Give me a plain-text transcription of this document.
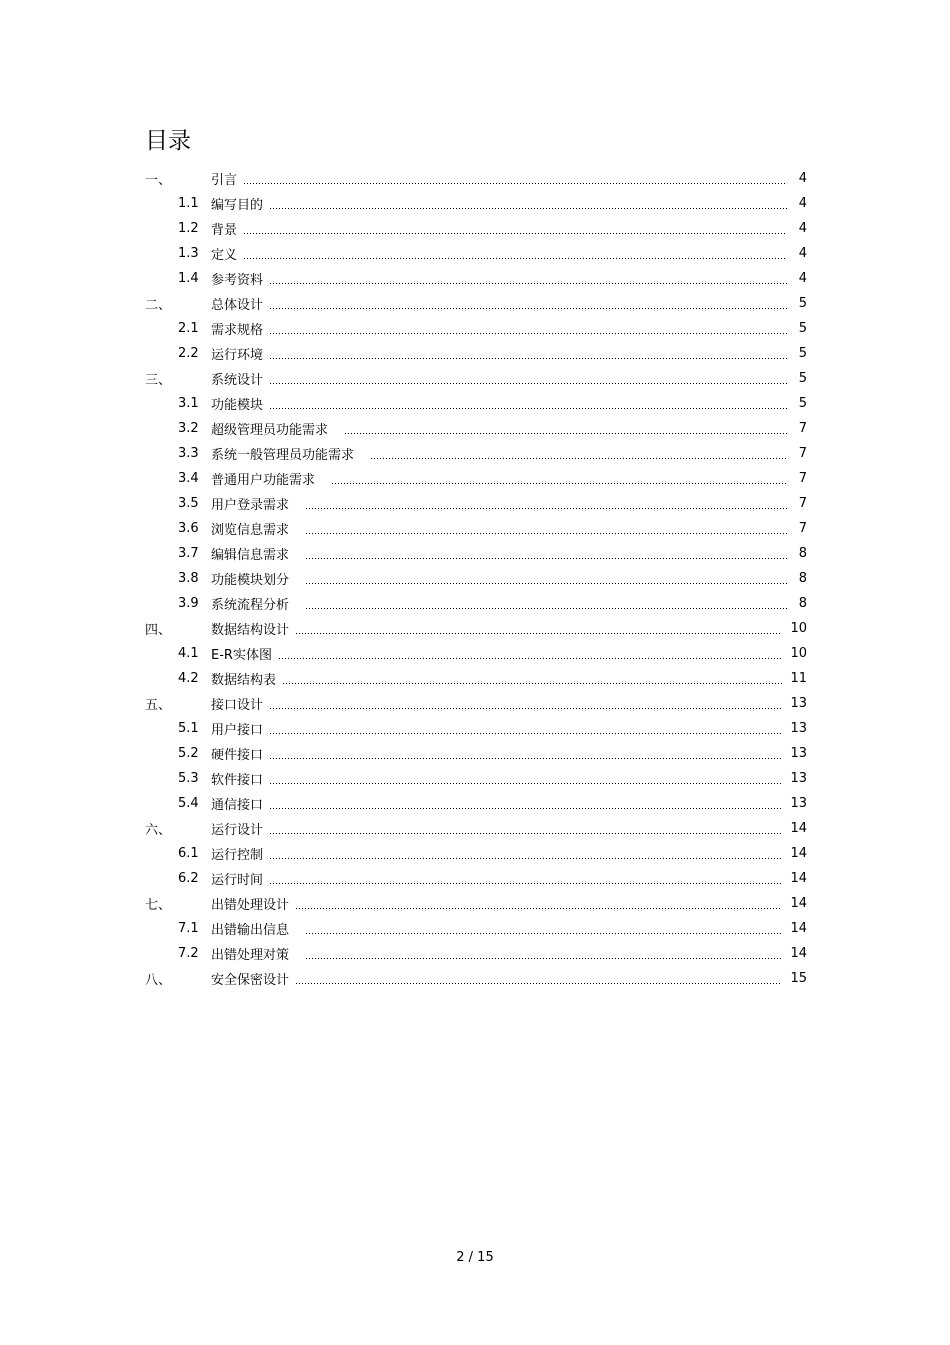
目录
一、	引言	4
1.1 编写目的	4
1.2 背景	4
1.3 定义	4
1.4 参考资料	4
二、	总体设计	5
2.1 需求规格	5
2.2 运行环境	5
三、	系统设计	5
3.1 功能模块	5
3.2 超级管理员功能需求	7
3.3 系统一般管理员功能需求	7
3.4 普通用户功能需求	7
3.5 用户登录需求	7
3.6 浏览信息需求	7
3.7 编辑信息需求	8
3.8 功能模块划分	8
3.9 系统流程分析	8
四、	数据结构设计	10
4.1 E-R实体图	10
4.2 数据结构表	11
五、	接口设计	13
5.1 用户接口	13
5.2 硬件接口	13
5.3 软件接口	13
5.4 通信接口	13
六、	运行设计	14
6.1 运行控制	14
6.2 运行时间	14
七、	出错处理设计	14
7.1 出错输出信息	14
7.2 出错处理对策	14
八、	安全保密设计	15
2 / 15
